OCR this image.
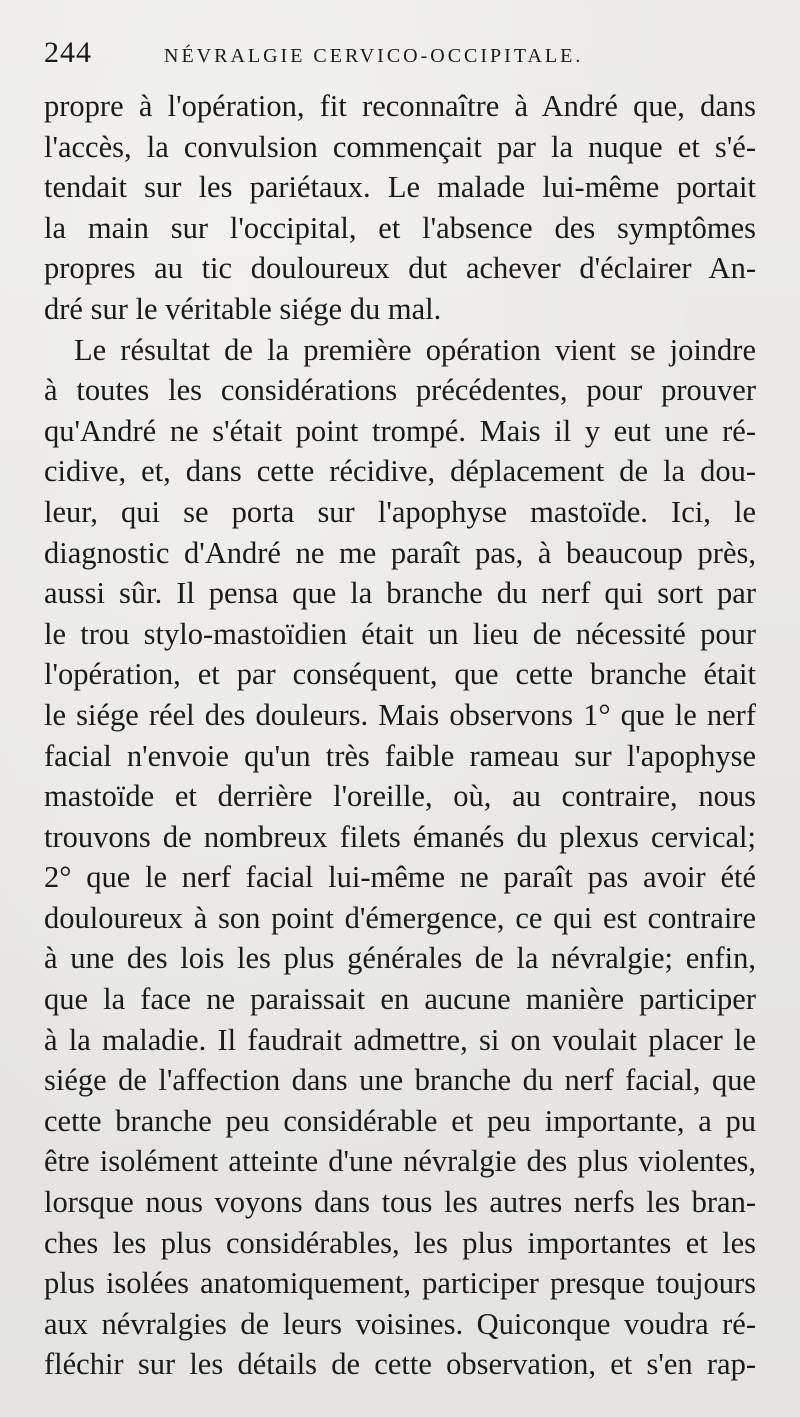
244	NÉVRALGIE CERVICO-OCCIPITALE.
propre à l'opération, fit reconnaître à André que, dans
l'accès, la convulsion commençait par la nuque et s'é-
tendait sur les pariétaux. Le malade lui-même portait
la main sur l'occipital, et l'absence des symptômes
propres au tic douloureux dut achever d'éclairer An-
dré sur le véritable siége du mal.
Le résultat de la première opération vient se joindre
à toutes les considérations précédentes, pour prouver
qu'André ne s'était point trompé. Mais il y eut une ré-
cidive, et, dans cette récidive, déplacement de la dou-
leur, qui se porta sur l'apophyse mastoïde. Ici, le
diagnostic d'André ne me paraît pas, à beaucoup près,
aussi sûr. Il pensa que la branche du nerf qui sort par
le trou stylo-mastoïdien était un lieu de nécessité pour
l'opération, et par conséquent, que cette branche était
le siége réel des douleurs. Mais observons 1° que le nerf
facial n'envoie qu'un très faible rameau sur l'apophyse
mastoïde et derrière l'oreille, où, au contraire, nous
trouvons de nombreux filets émanés du plexus cervical;
2° que le nerf facial lui-même ne paraît pas avoir été
douloureux à son point d'émergence, ce qui est contraire
à une des lois les plus générales de la névralgie; enfin,
que la face ne paraissait en aucune manière participer
à la maladie. Il faudrait admettre, si on voulait placer le
siége de l'affection dans une branche du nerf facial, que
cette branche peu considérable et peu importante, a pu
être isolément atteinte d'une névralgie des plus violentes,
lorsque nous voyons dans tous les autres nerfs les bran-
ches les plus considérables, les plus importantes et les
plus isolées anatomiquement, participer presque toujours
aux névralgies de leurs voisines. Quiconque voudra ré-
fléchir sur les détails de cette observation, et s'en rap-
